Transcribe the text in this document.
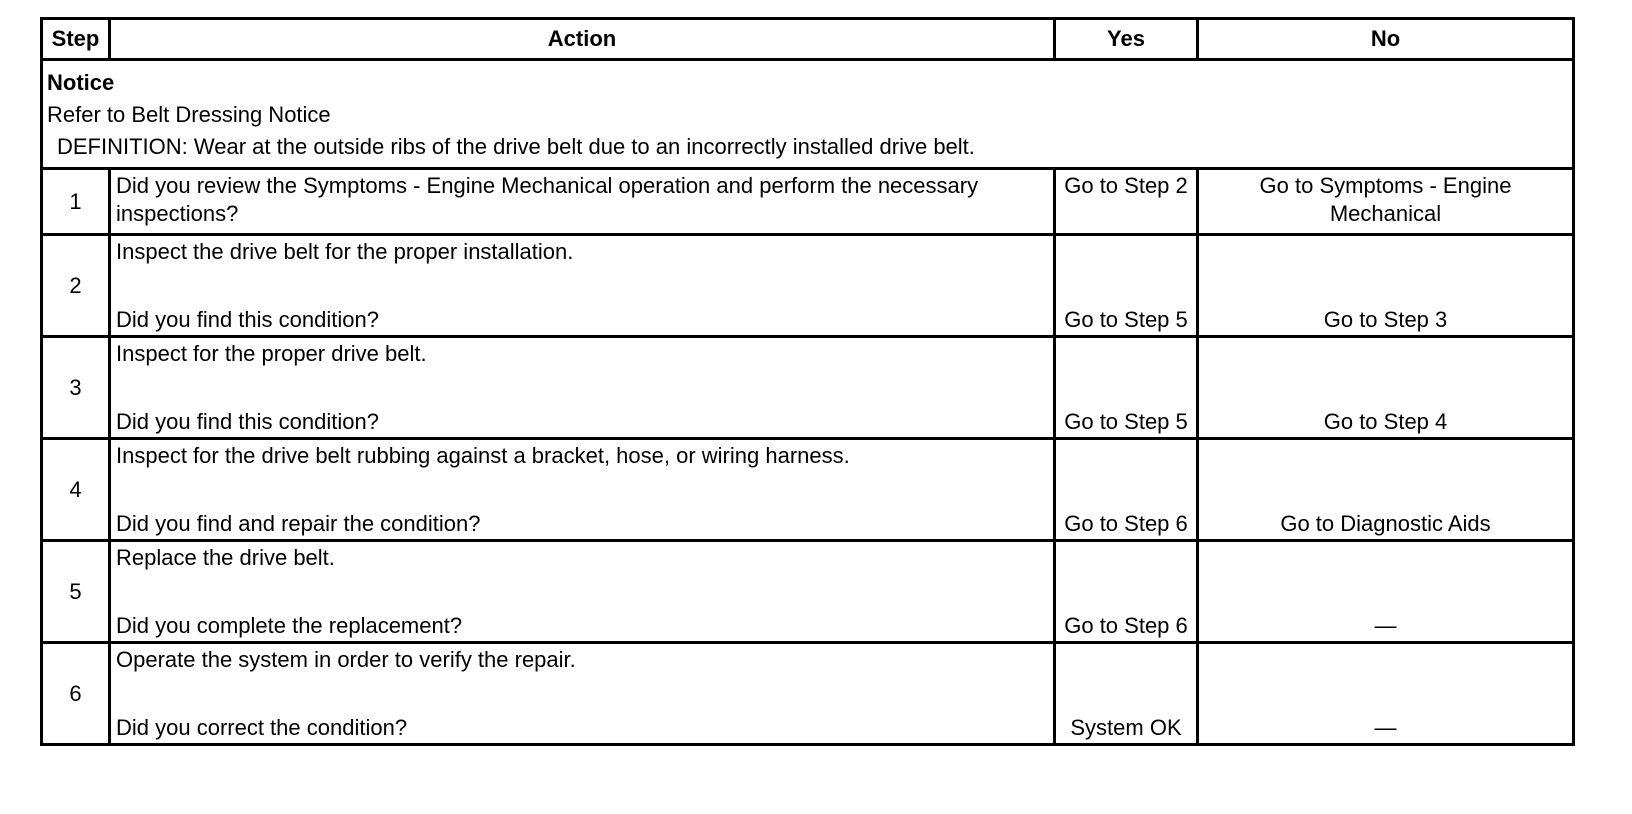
Step	Action	Yes	No

Notice
Refer to Belt Dressing Notice
DEFINITION: Wear at the outside ribs of the drive belt due to an incorrectly installed drive belt.			

1	Did you review the Symptoms - Engine Mechanical operation and perform the necessary inspections?	Go to Step 2	Go to Symptoms - Engine Mechanical
2	Inspect the drive belt for the proper installation.
Did you find this condition?	Go to Step 5	Go to Step 3
3	Inspect for the proper drive belt.
Did you find this condition?	Go to Step 5	Go to Step 4
4	Inspect for the drive belt rubbing against a bracket, hose, or wiring harness.
Did you find and repair the condition?	Go to Step 6	Go to Diagnostic Aids
5	Replace the drive belt.
Did you complete the replacement?	Go to Step 6	—
6	Operate the system in order to verify the repair.
Did you correct the condition?	System OK	—
